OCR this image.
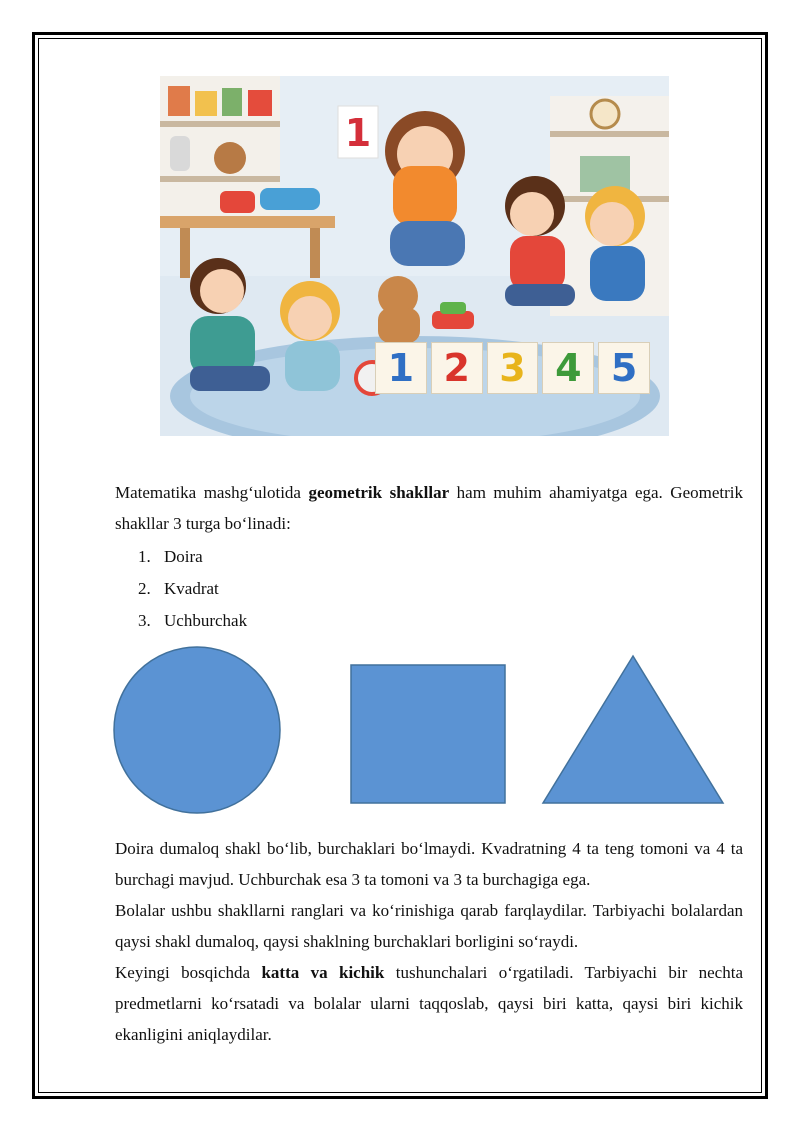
1
1 2 3 4 5
Matematika mashg‘ulotida geometrik shakllar ham muhim ahamiyatga ega. Geometrik shakllar 3 turga bo‘linadi:
1. Doira
2. Kvadrat
3. Uchburchak

Doira dumaloq shakl bo‘lib, burchaklari bo‘lmaydi. Kvadratning 4 ta teng tomoni va 4 ta burchagi mavjud. Uchburchak esa 3 ta tomoni va 3 ta burchagiga ega.

Bolalar ushbu shakllarni ranglari va ko‘rinishiga qarab farqlaydilar. Tarbiyachi bolalardan qaysi shakl dumaloq, qaysi shaklning burchaklari borligini so‘raydi.

Keyingi bosqichda katta va kichik tushunchalari o‘rgatiladi. Tarbiyachi bir nechta predmetlarni ko‘rsatadi va bolalar ularni taqqoslab, qaysi biri katta, qaysi biri kichik ekanligini aniqlaydilar.
